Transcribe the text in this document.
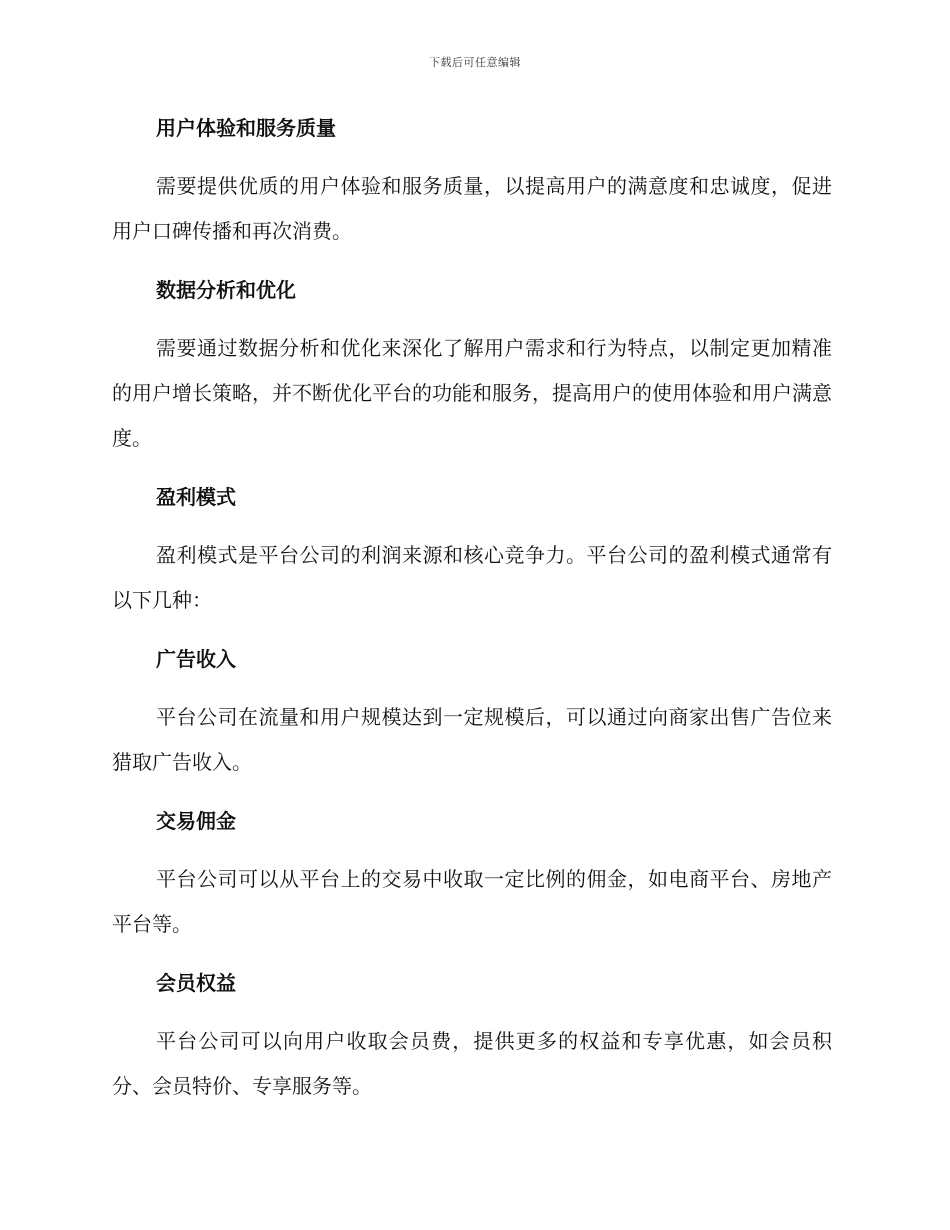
下载后可任意编辑
用户体验和服务质量
需要提供优质的用户体验和服务质量，以提高用户的满意度和忠诚度，促进用户口碑传播和再次消费。
数据分析和优化
需要通过数据分析和优化来深化了解用户需求和行为特点，以制定更加精准的用户增长策略，并不断优化平台的功能和服务，提高用户的使用体验和用户满意度。
盈利模式
盈利模式是平台公司的利润来源和核心竞争力。平台公司的盈利模式通常有以下几种：
广告收入
平台公司在流量和用户规模达到一定规模后，可以通过向商家出售广告位来猎取广告收入。
交易佣金
平台公司可以从平台上的交易中收取一定比例的佣金，如电商平台、房地产平台等。
会员权益
平台公司可以向用户收取会员费，提供更多的权益和专享优惠，如会员积分、会员特价、专享服务等。
